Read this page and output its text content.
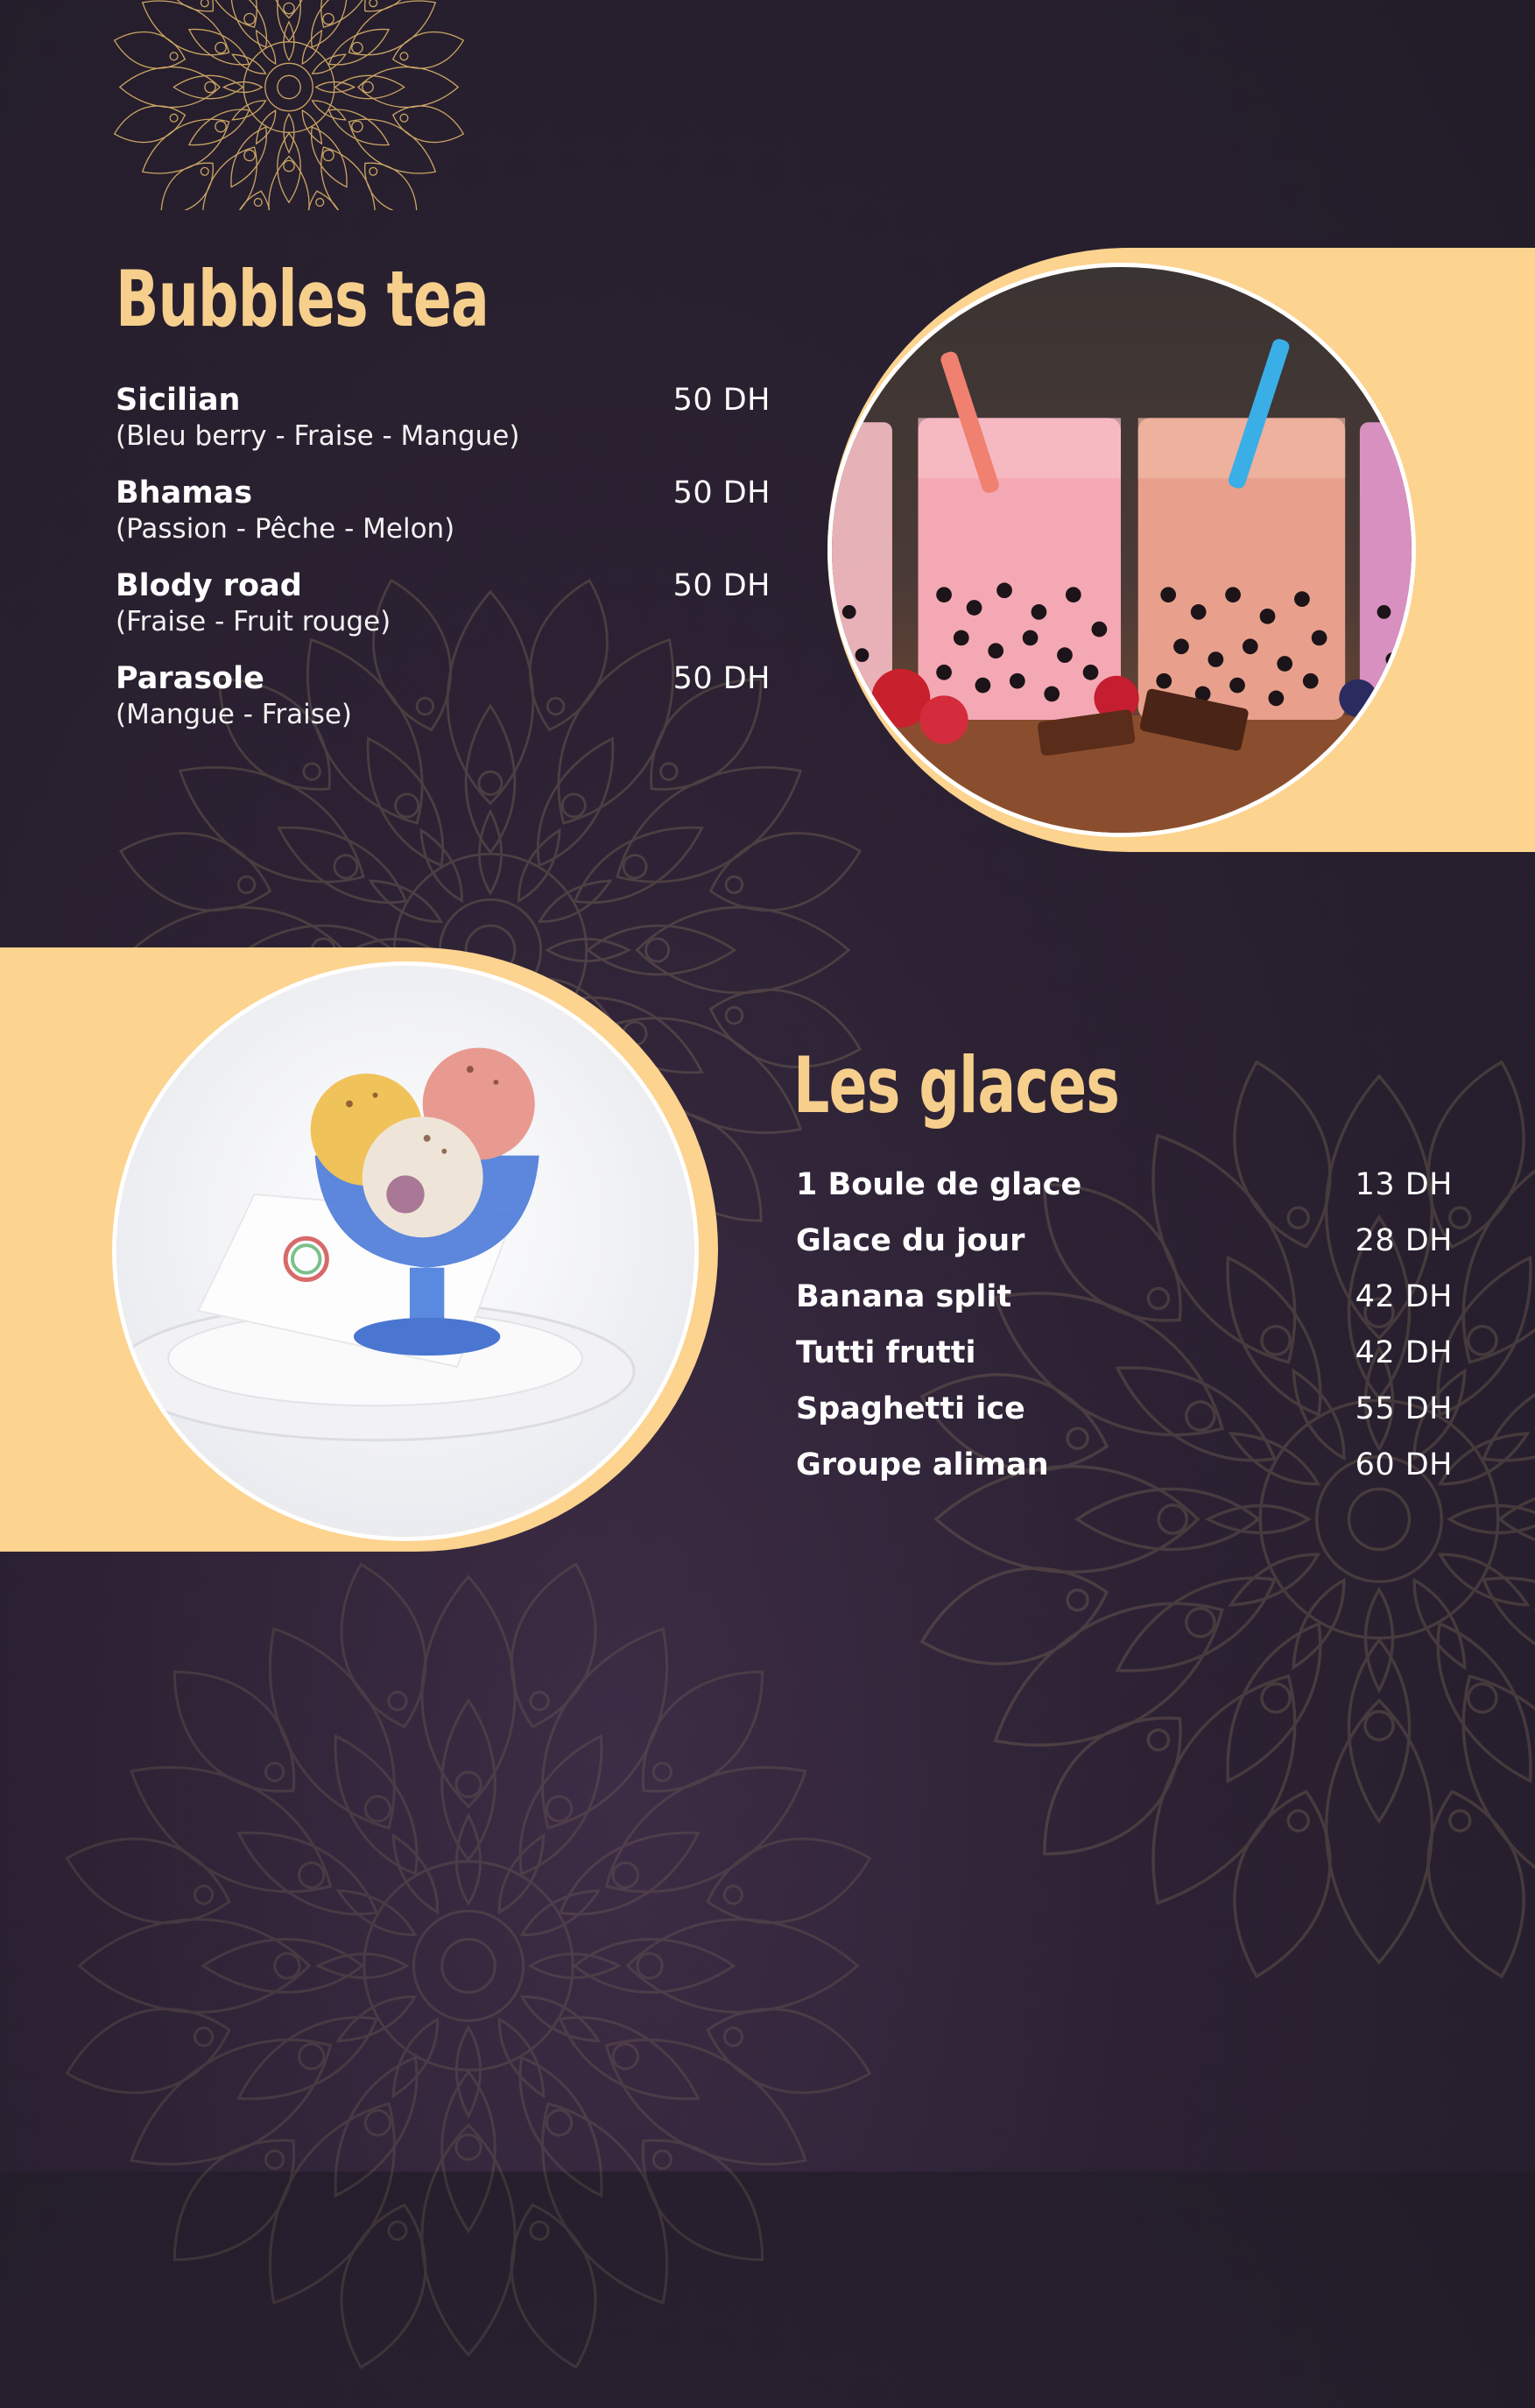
Bubbles tea
Sicilian
(Bleu berry - Fraise - Mangue)
50 DH
Bhamas
(Passion - Pêche - Melon)
50 DH
Blody road
(Fraise - Fruit rouge)
50 DH
Parasole
(Mangue - Fraise)
50 DH
Les glaces
1 Boule de glace	13 DH
Glace du jour	28 DH
Banana split	42 DH
Tutti frutti	42 DH
Spaghetti ice	55 DH
Groupe aliman	60 DH
